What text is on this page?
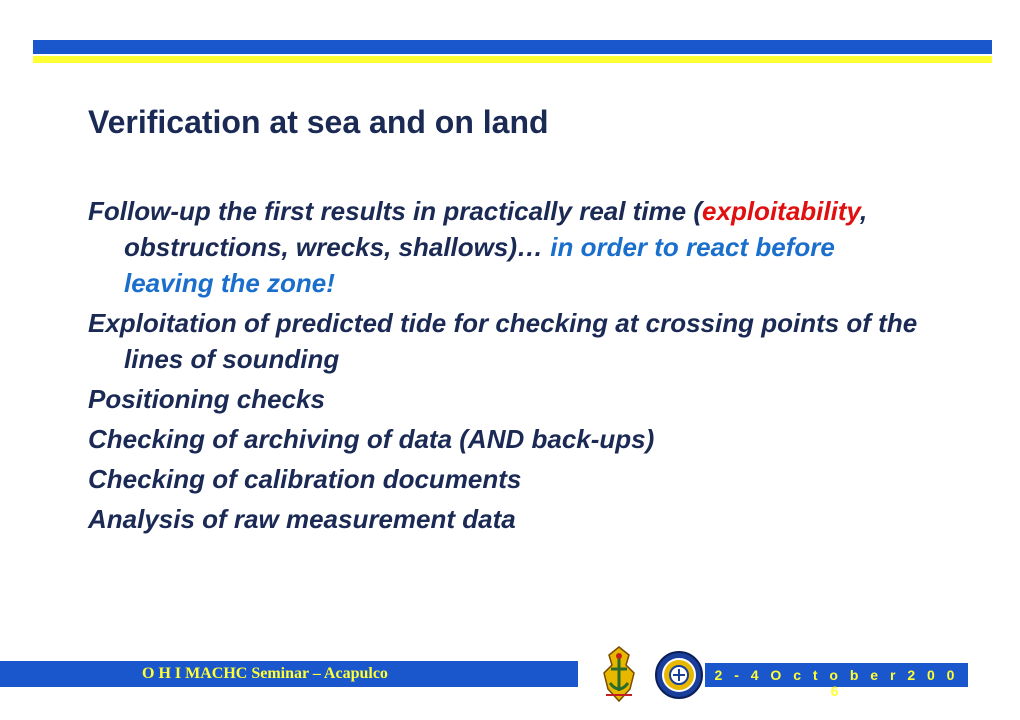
Verification at sea and on land
Follow-up the first results in practically real time (exploitability, obstructions, wrecks, shallows)… in order to react before leaving the zone!
Exploitation of predicted tide for checking at crossing points of the lines of sounding
Positioning checks
Checking of archiving of data (AND back-ups)
Checking of calibration documents
Analysis of raw measurement data
O H I MACHC Seminar – Acapulco	2 - 4 O c t o b e r 2 0 0 6
